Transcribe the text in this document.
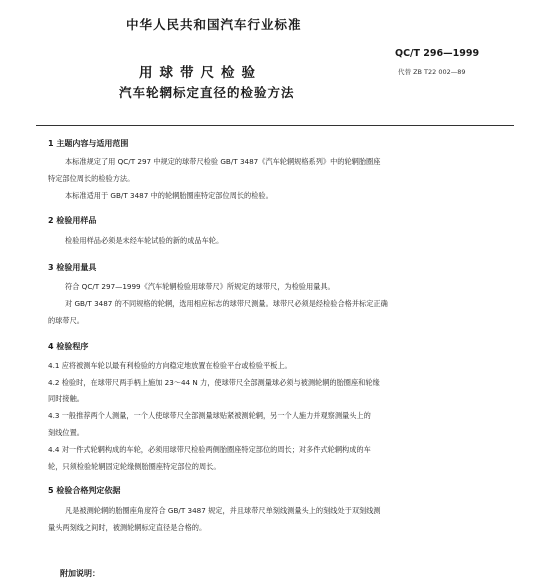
中华人民共和国汽车行业标准
QC/T 296—1999
代替 ZB T22 002—89
用球带尺检验
汽车轮辋标定直径的检验方法
1 主题内容与适用范围
本标准规定了用 QC/T 297 中规定的球带尺检验 GB/T 3487《汽车轮辋规格系列》中的轮辋胎圈座
特定部位周长的检验方法。
本标准适用于 GB/T 3487 中的轮辋胎圈座特定部位周长的检验。
2 检验用样品
检验用样品必须是未经车轮试验的新的成品车轮。
3 检验用量具
符合 QC/T 297—1999《汽车轮辋检验用球带尺》所规定的球带尺，为检验用量具。
对 GB/T 3487 的不同规格的轮辋，选用相应标志的球带尺测量。球带尺必须是经检验合格并标定正确
的球带尺。
4 检验程序
4.1 应将被测车轮以最有利检验的方向稳定地放置在检验平台或检验平板上。
4.2 检验时，在球带尺两手柄上施加 23～44 N 力，使球带尺全部测量球必须与被测轮辋的胎圈座和轮缘
同时接触。
4.3 一般推荐两个人测量，一个人使球带尺全部测量球贴紧被测轮辋，另一个人施力并观察测量头上的
刻线位置。
4.4 对一件式轮辋构成的车轮，必须用球带尺检验两侧胎圈座特定部位的周长；对多件式轮辋构成的车
轮，只须检验轮辋固定轮缘侧胎圈座特定部位的周长。
5 检验合格判定依据
凡是被测轮辋的胎圈座角度符合 GB/T 3487 规定，并且球带尺单刻线测量头上的刻线处于双刻线测
量头两刻线之间时，被测轮辋标定直径是合格的。
附加说明：
